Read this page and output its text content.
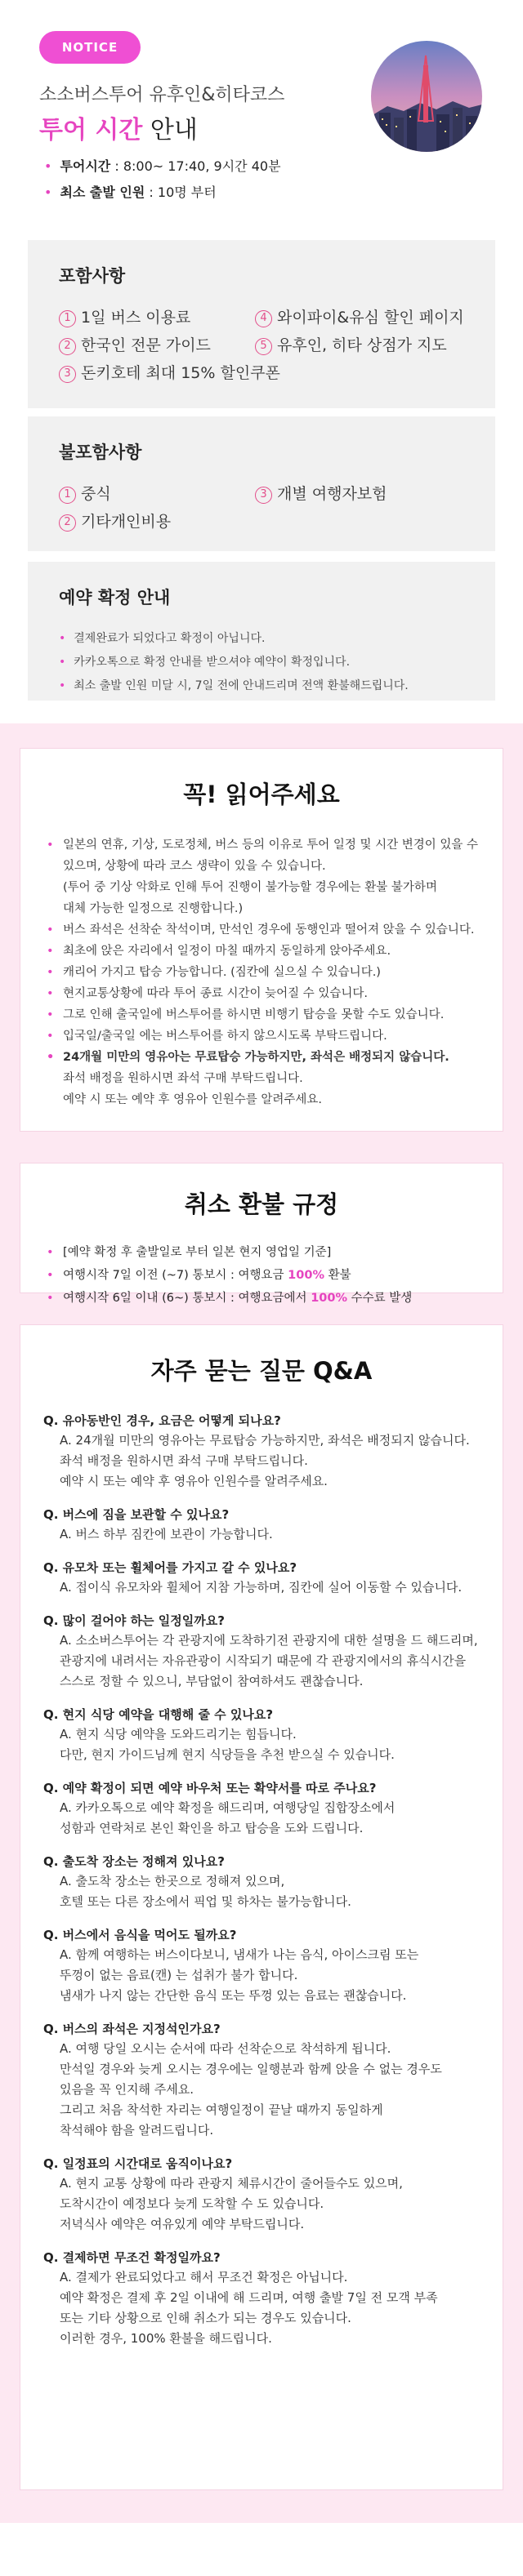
NOTICE
소소버스투어 유후인&히타코스
투어 시간 안내
• 투어시간 : 8:00~ 17:40, 9시간 40분
• 최소 출발 인원 : 10명 부터
포함사항
1 1일 버스 이용료
2 한국인 전문 가이드
3 돈키호테 최대 15% 할인쿠폰
4 와이파이&유심 할인 페이지
5 유후인, 히타 상점가 지도
불포함사항
1 중식
2 기타개인비용
3 개별 여행자보험
예약 확정 안내
• 결제완료가 되었다고 확정이 아닙니다.
• 카카오톡으로 확정 안내를 받으셔야 예약이 확정입니다.
• 최소 출발 인원 미달 시, 7일 전에 안내드리며 전액 환불해드립니다.
꼭! 읽어주세요
• 일본의 연휴, 기상, 도로정체, 버스 등의 이유로 투어 일정 및 시간 변경이 있을 수
있으며, 상황에 따라 코스 생략이 있을 수 있습니다.
(투어 중 기상 악화로 인해 투어 진행이 불가능할 경우에는 환불 불가하며
대체 가능한 일정으로 진행합니다.)
• 버스 좌석은 선착순 착석이며, 만석인 경우에 동행인과 떨어져 앉을 수 있습니다.
• 최초에 앉은 자리에서 일정이 마칠 때까지 동일하게 앉아주세요.
• 캐리어 가지고 탑승 가능합니다. (짐칸에 실으실 수 있습니다.)
• 현지교통상황에 따라 투어 종료 시간이 늦어질 수 있습니다.
• 그로 인해 출국일에 버스투어를 하시면 비행기 탑승을 못할 수도 있습니다.
• 입국일/출국일 에는 버스투어를 하지 않으시도록 부탁드립니다.
• 24개월 미만의 영유아는 무료탑승 가능하지만, 좌석은 배정되지 않습니다.
좌석 배정을 원하시면 좌석 구매 부탁드립니다.
예약 시 또는 예약 후 영유아 인원수를 알려주세요.
취소 환불 규정
• [예약 확정 후 출발일로 부터 일본 현지 영업일 기준]
• 여행시작 7일 이전 (~7) 통보시 : 여행요금 100% 환불
• 여행시작 6일 이내 (6~) 통보시 : 여행요금에서 100% 수수료 발생
자주 묻는 질문 Q&A
Q. 유아동반인 경우, 요금은 어떻게 되나요?
A. 24개월 미만의 영유아는 무료탑승 가능하지만, 좌석은 배정되지 않습니다.
좌석 배정을 원하시면 좌석 구매 부탁드립니다.
예약 시 또는 예약 후 영유아 인원수를 알려주세요.
Q. 버스에 짐을 보관할 수 있나요?
A. 버스 하부 짐칸에 보관이 가능합니다.
Q. 유모차 또는 휠체어를 가지고 갈 수 있나요?
A. 접이식 유모차와 휠체어 지참 가능하며, 짐칸에 실어 이동할 수 있습니다.
Q. 많이 걸어야 하는 일정일까요?
A. 소소버스투어는 각 관광지에 도착하기전 관광지에 대한 설명을 드 해드리며,
관광지에 내려서는 자유관광이 시작되기 때문에 각 관광지에서의 휴식시간을
스스로 정할 수 있으니, 부담없이 참여하셔도 괜찮습니다.
Q. 현지 식당 예약을 대행해 줄 수 있나요?
A. 현지 식당 예약을 도와드리기는 힘듭니다.
다만, 현지 가이드님께 현지 식당들을 추천 받으실 수 있습니다.
Q. 예약 확정이 되면 예약 바우처 또는 확약서를 따로 주나요?
A. 카카오톡으로 예약 확정을 해드리며, 여행당일 집합장소에서
성함과 연락처로 본인 확인을 하고 탑승을 도와 드립니다.
Q. 출도착 장소는 정해져 있나요?
A. 출도착 장소는 한곳으로 정해져 있으며,
호텔 또는 다른 장소에서 픽업 및 하차는 불가능합니다.
Q. 버스에서 음식을 먹어도 될까요?
A. 함께 여행하는 버스이다보니, 냄새가 나는 음식, 아이스크림 또는
뚜껑이 없는 음료(캔) 는 섭취가 불가 합니다.
냄새가 나지 않는 간단한 음식 또는 뚜껑 있는 음료는 괜찮습니다.
Q. 버스의 좌석은 지정석인가요?
A. 여행 당일 오시는 순서에 따라 선착순으로 착석하게 됩니다.
만석일 경우와 늦게 오시는 경우에는 일행분과 함께 앉을 수 없는 경우도
있음을 꼭 인지해 주세요.
그리고 처음 착석한 자리는 여행일정이 끝날 때까지 동일하게
착석해야 함을 알려드립니다.
Q. 일정표의 시간대로 움직이나요?
A. 현지 교통 상황에 따라 관광지 체류시간이 줄어들수도 있으며,
도착시간이 예정보다 늦게 도착할 수 도 있습니다.
저녁식사 예약은 여유있게 예약 부탁드립니다.
Q. 결제하면 무조건 확정일까요?
A. 결제가 완료되었다고 해서 무조건 확정은 아닙니다.
예약 확정은 결제 후 2일 이내에 해 드리며, 여행 출발 7일 전 모객 부족
또는 기타 상황으로 인해 취소가 되는 경우도 있습니다.
이러한 경우, 100% 환불을 해드립니다.
